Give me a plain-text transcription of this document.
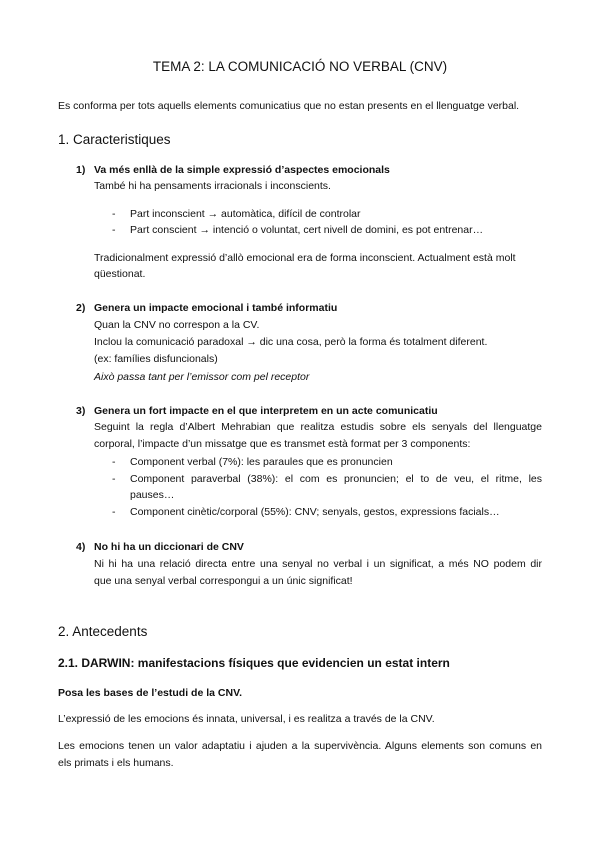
TEMA 2: LA COMUNICACIÓ NO VERBAL (CNV)
Es conforma per tots aquells elements comunicatius que no estan presents en el llenguatge verbal.
1. Caracteristiques
1) Va més enllà de la simple expressió d’aspectes emocionals
També hi ha pensaments irracionals i inconscients.
- Part inconscient → automàtica, difícil de controlar
- Part conscient → intenció o voluntat, cert nivell de domini, es pot entrenar…
Tradicionalment expressió d’allò emocional era de forma inconscient. Actualment està molt
qüestionat.
2) Genera un impacte emocional i també informatiu
Quan la CNV no correspon a la CV.
Inclou la comunicació paradoxal → dic una cosa, però la forma és totalment diferent.
(ex: famílies disfuncionals)
Això passa tant per l’emissor com pel receptor
3) Genera un fort impacte en el que interpretem en un acte comunicatiu
Seguint la regla d’Albert Mehrabian que realitza estudis sobre els senyals del llenguatge
corporal, l’impacte d’un missatge que es transmet està format per 3 components:
- Component verbal (7%): les paraules que es pronuncien
- Component paraverbal (38%): el com es pronuncien; el to de veu, el ritme, les
pauses…
- Component cinètic/corporal (55%): CNV; senyals, gestos, expressions facials…
4) No hi ha un diccionari de CNV
Ni hi ha una relació directa entre una senyal no verbal i un significat, a més NO podem dir
que una senyal verbal correspongui a un únic significat!
2. Antecedents
2.1. DARWIN: manifestacions físiques que evidencien un estat intern
Posa les bases de l’estudi de la CNV.
L’expressió de les emocions és innata, universal, i es realitza a través de la CNV.
Les emocions tenen un valor adaptatiu i ajuden a la supervivència. Alguns elements son comuns en
els primats i els humans.
